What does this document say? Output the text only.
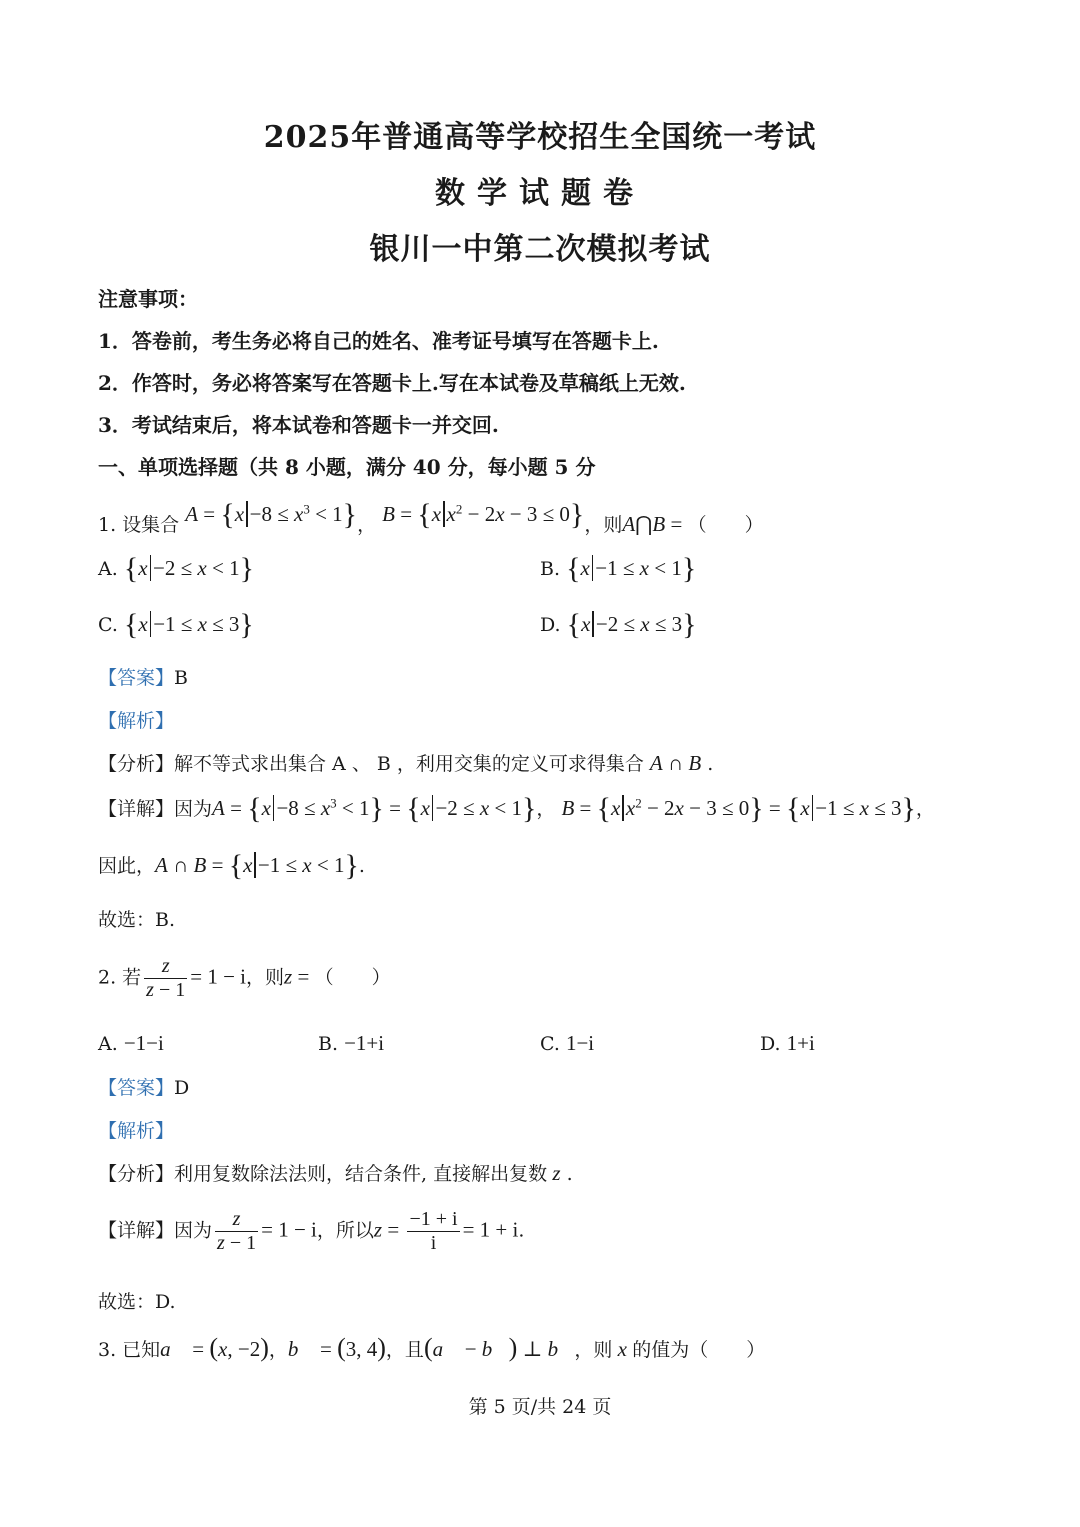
2025年普通高等学校招生全国统一考试
数学试题卷
银川一中第二次模拟考试
注意事项：
1．答卷前，考生务必将自己的姓名、准考证号填写在答题卡上.
2．作答时，务必将答案写在答题卡上.写在本试卷及草稿纸上无效.
3．考试结束后，将本试卷和答题卡一并交回.
一、单项选择题（共 8 小题，满分 40 分，每小题 5 分
1. 设集合 $A = \{x -8 \le x^3 < 1\}$， B = {x $x^2 - 2x - 3 \le 0$}，则A⋂B = （　　）
A. {x −2 ≤ x < 1}	B. {x −1 ≤ x < 1}
C. {x −1 ≤ x ≤ 3}	D. {x −2 ≤ x ≤ 3}
【答案】B
【解析】
【分析】解不等式求出集合 A 、 B ，利用交集的定义可求得集合 A ∩ B .
【详解】因为$A = \{x -8 \le x^3 < 1\} = \{x -2 \le x < 1\}$， B = {x $x^2 - 2x - 3 \le 0\} = \{x -1 \le x \le 3\}$，
因此，A ∩ B = {x −1 ≤ x < 1}.
故选：B.
2. 若 $\frac{z}{z - 1} = 1 - i$，则z = （　　）
A. −1−i	B. −1+i	C. 1−i	D. 1+i
【答案】D
【解析】
【分析】利用复数除法法则，结合条件, 直接解出复数 z .
【详解】因为 $\frac{z}{z - 1} = 1 - i$，所以$z = \frac{-1 + i}{i} = 1 + i$.
故选：D.
3. 已知a⃗ = (x, −2)，b⃗ = (3, 4)，且(a⃗ − b⃗) ⊥ b⃗，则 x 的值为（　　）
第 5 页/共 24 页
